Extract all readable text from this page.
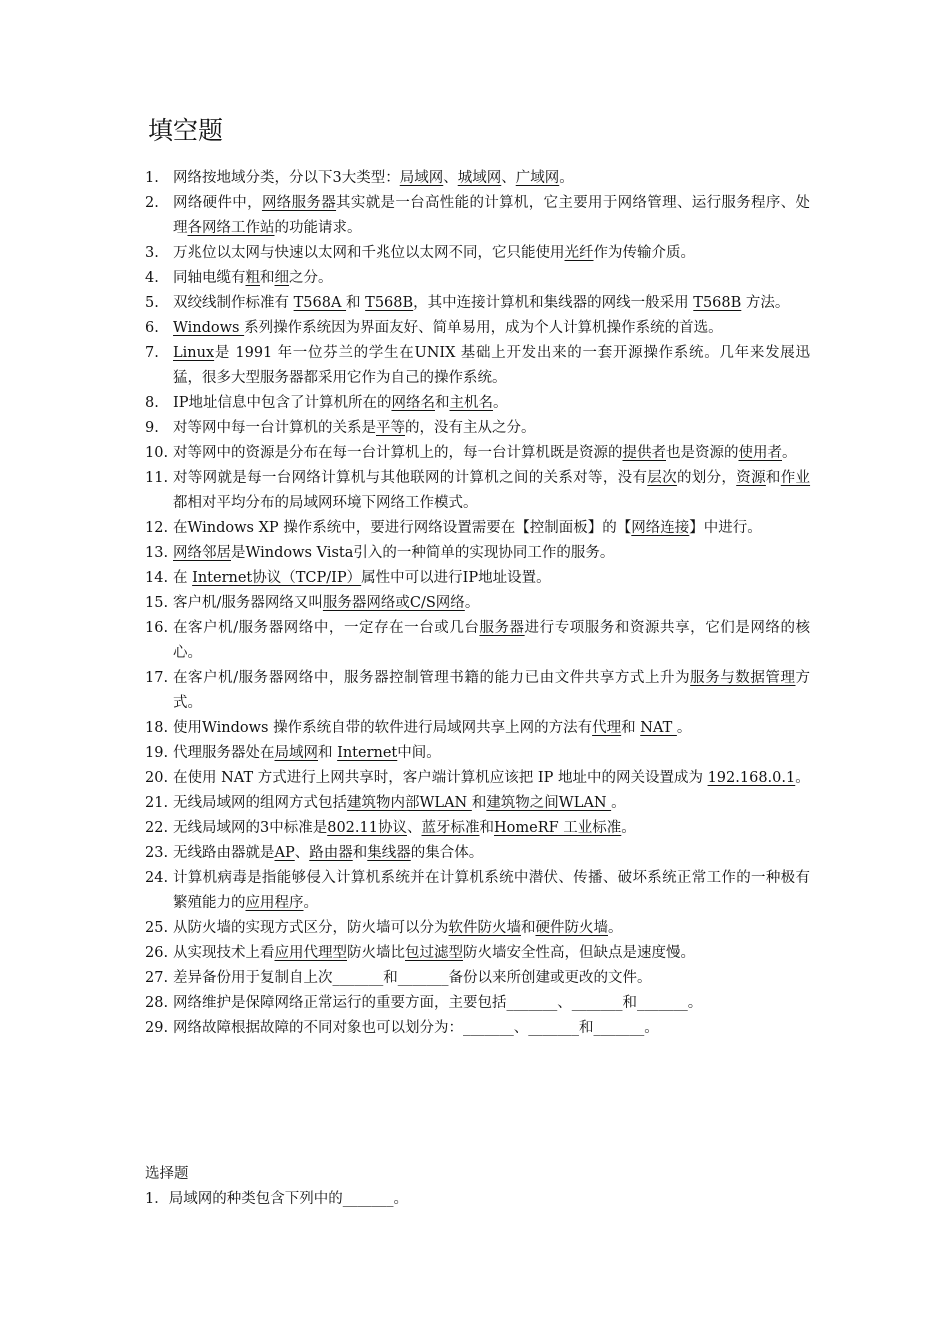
填空题
1. 网络按地域分类，分以下3大类型：局域网、城域网、广域网。
2. 网络硬件中，网络服务器其实就是一台高性能的计算机，它主要用于网络管理、运行服务程序、处理各网络工作站的功能请求。
3. 万兆位以太网与快速以太网和千兆位以太网不同，它只能使用光纤作为传输介质。
4. 同轴电缆有粗和细之分。
5. 双绞线制作标准有 T568A 和 T568B，其中连接计算机和集线器的网线一般采用 T568B 方法。
6. Windows 系列操作系统因为界面友好、简单易用，成为个人计算机操作系统的首选。
7. Linux是 1991 年一位芬兰的学生在UNIX 基础上开发出来的一套开源操作系统。几年来发展迅猛，很多大型服务器都采用它作为自己的操作系统。
8. IP地址信息中包含了计算机所在的网络名和主机名。
9. 对等网中每一台计算机的关系是平等的，没有主从之分。
10. 对等网中的资源是分布在每一台计算机上的，每一台计算机既是资源的提供者也是资源的使用者。
11. 对等网就是每一台网络计算机与其他联网的计算机之间的关系对等，没有层次的划分，资源和作业都相对平均分布的局域网环境下网络工作模式。
12. 在Windows XP 操作系统中，要进行网络设置需要在【控制面板】的【网络连接】中进行。
13. 网络邻居是Windows Vista引入的一种简单的实现协同工作的服务。
14. 在 Internet协议（TCP/IP）属性中可以进行IP地址设置。
15. 客户机/服务器网络又叫服务器网络或C/S网络。
16. 在客户机/服务器网络中，一定存在一台或几台服务器进行专项服务和资源共享，它们是网络的核心。
17. 在客户机/服务器网络中，服务器控制管理书籍的能力已由文件共享方式上升为服务与数据管理方式。
18. 使用Windows 操作系统自带的软件进行局域网共享上网的方法有代理和 NAT 。
19. 代理服务器处在局域网和 Internet中间。
20. 在使用 NAT 方式进行上网共享时，客户端计算机应该把 IP 地址中的网关设置成为 192.168.0.1。
21. 无线局域网的组网方式包括建筑物内部WLAN 和建筑物之间WLAN 。
22. 无线局域网的3中标准是802.11协议、蓝牙标准和HomeRF 工业标准。
23. 无线路由器就是AP、路由器和集线器的集合体。
24. 计算机病毒是指能够侵入计算机系统并在计算机系统中潜伏、传播、破坏系统正常工作的一种极有繁殖能力的应用程序。
25. 从防火墙的实现方式区分，防火墙可以分为软件防火墙和硬件防火墙。
26. 从实现技术上看应用代理型防火墙比包过滤型防火墙安全性高，但缺点是速度慢。
27. 差异备份用于复制自上次_______和_______备份以来所创建或更改的文件。
28. 网络维护是保障网络正常运行的重要方面，主要包括_______、_______和_______。
29. 网络故障根据故障的不同对象也可以划分为：_______、_______和_______。
选择题
1．局域网的种类包含下列中的_______。
